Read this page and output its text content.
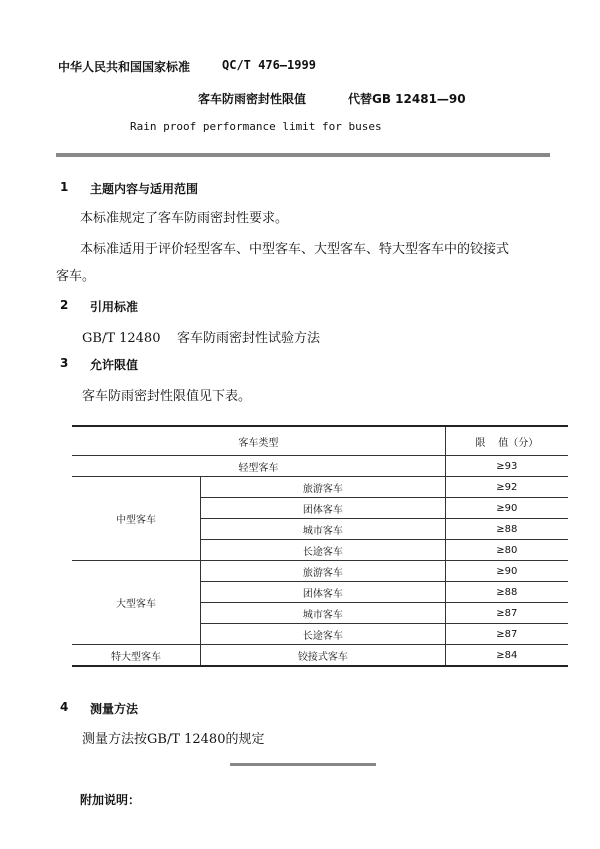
中华人民共和国国家标准	QC/T 476—1999
客车防雨密封性限值	代替GB 12481—90
Rain proof performance limit for buses
1 主题内容与适用范围
本标准规定了客车防雨密封性要求。
本标准适用于评价轻型客车、中型客车、大型客车、特大型客车中的铰接式
客车。
2 引用标准
GB/T 12480    客车防雨密封性试验方法
3 允许限值
客车防雨密封性限值见下表。
客车类型		限    值（分）
轻型客车		≥93
中型客车	旅游客车	≥92
	团体客车	≥90
	城市客车	≥88
	长途客车	≥80
大型客车	旅游客车	≥90
	团体客车	≥88
	城市客车	≥87
	长途客车	≥87
特大型客车	铰接式客车	≥84
4 测量方法
测量方法按GB/T 12480的规定
附加说明：
